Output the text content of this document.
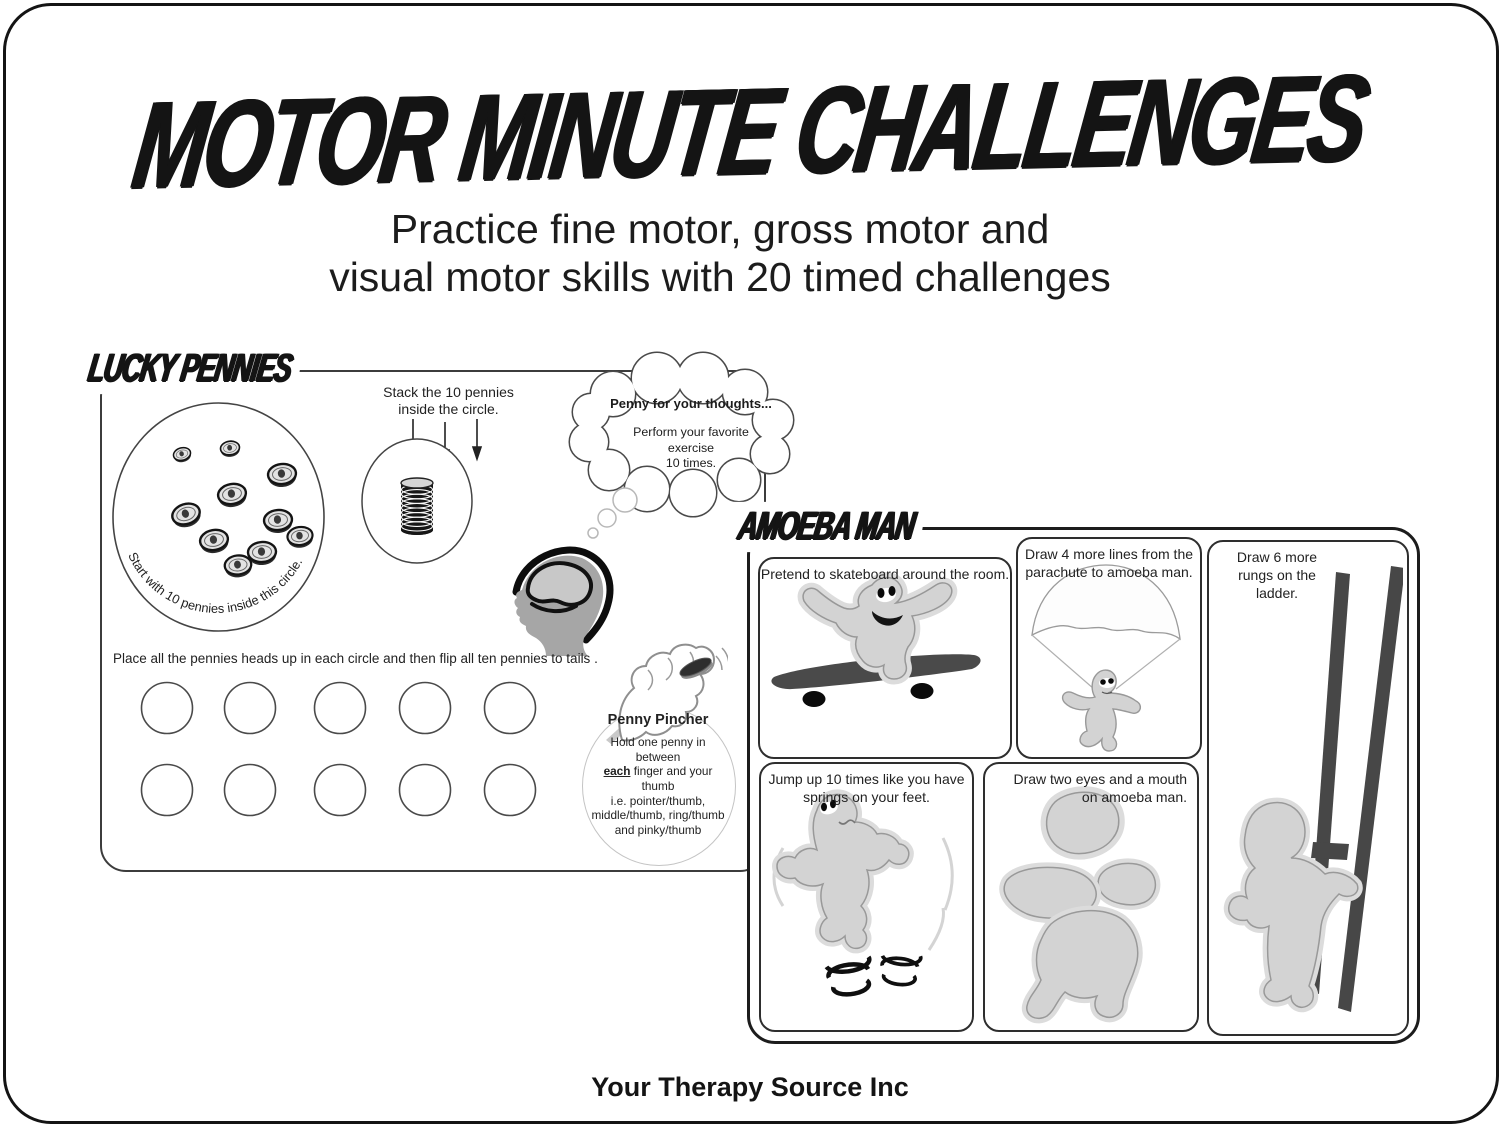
MOTOR MINUTE CHALLENGES
Practice fine motor, gross motor and
visual motor skills with 20 timed challenges
Start with 10 pennies inside this circle.
Stack the 10 pennies
inside the circle.	Penny for your thoughts...
Perform your favorite exercise
10 times.
Place all the pennies heads up in each circle and then flip all ten pennies to tails .
Penny Pincher
Hold one penny in between
each finger and your thumb
i.e. pointer/thumb,
middle/thumb, ring/thumb
and pinky/thumb
LUCKY PENNIES
Pretend to skateboard around the room.
Draw 4 more lines from the
parachute to amoeba man.
Draw 6 more
rungs on the
ladder.
Jump up 10 times like you have
springs on your feet.
Draw two eyes and a mouth
on amoeba man.
AMOEBA MAN
Your Therapy Source Inc
